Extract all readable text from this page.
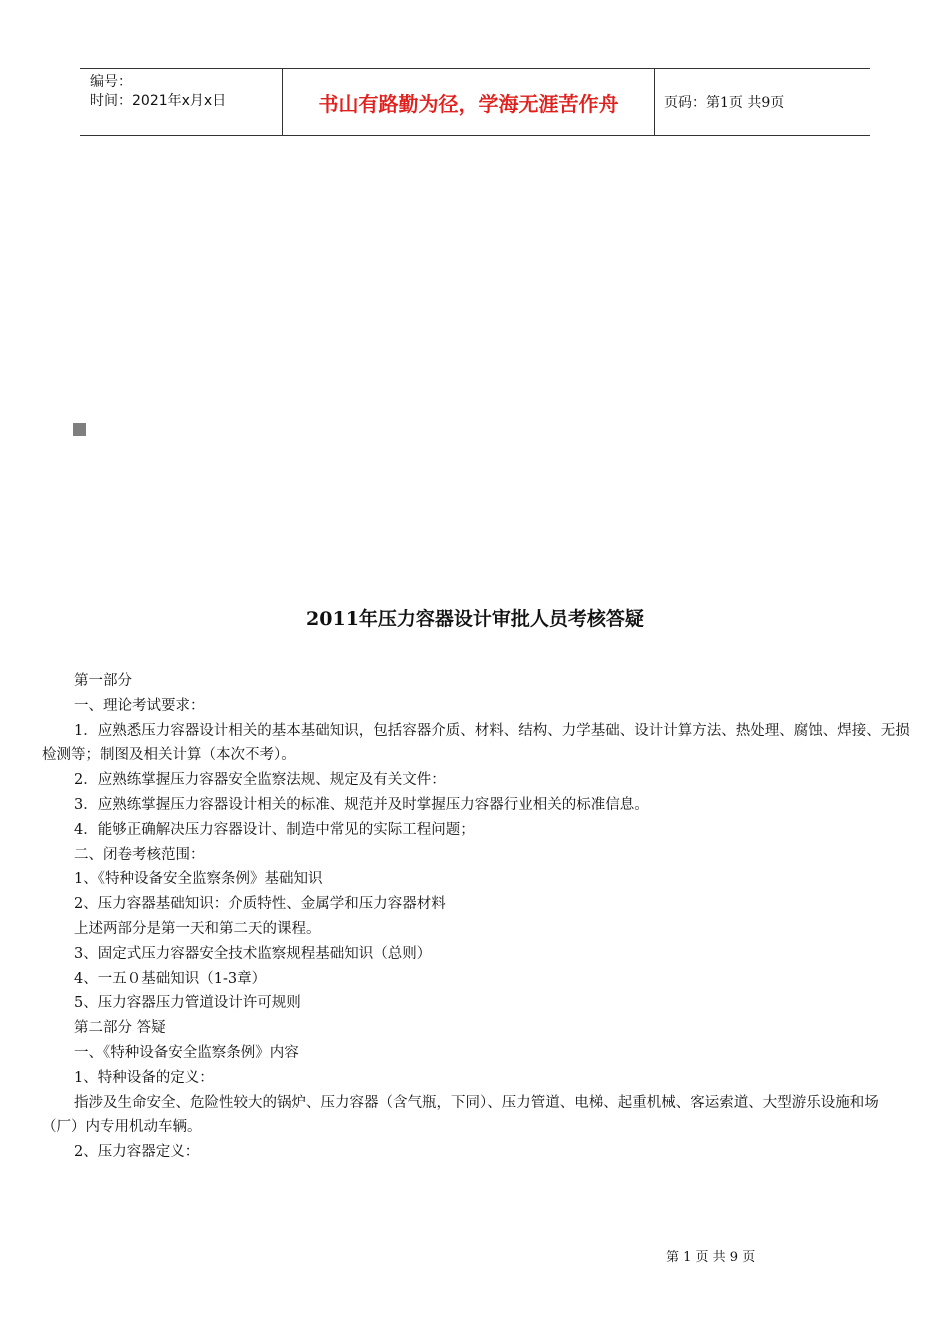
编号：
时间：2021年x月x日	书山有路勤为径，学海无涯苦作舟	页码：第1页 共9页
2011年压力容器设计审批人员考核答疑

第一部分

一、理论考试要求：

1．应熟悉压力容器设计相关的基本基础知识，包括容器介质、材料、结构、力学基础、设计计算方法、热处理、腐蚀、焊接、无损检测等；制图及相关计算（本次不考）。

2．应熟练掌握压力容器安全监察法规、规定及有关文件：

3．应熟练掌握压力容器设计相关的标准、规范并及时掌握压力容器行业相关的标准信息。

4．能够正确解决压力容器设计、制造中常见的实际工程问题；

二、闭卷考核范围：

1、《特种设备安全监察条例》基础知识

2、压力容器基础知识：介质特性、金属学和压力容器材料

上述两部分是第一天和第二天的课程。

3、固定式压力容器安全技术监察规程基础知识（总则）

4、一五０基础知识（1-3章）

5、压力容器压力管道设计许可规则

第二部分 答疑

一、《特种设备安全监察条例》内容

1、特种设备的定义：

指涉及生命安全、危险性较大的锅炉、压力容器（含气瓶，下同）、压力管道、电梯、起重机械、客运索道、大型游乐设施和场（厂）内专用机动车辆。

2、压力容器定义：

第 1 页 共 9 页
